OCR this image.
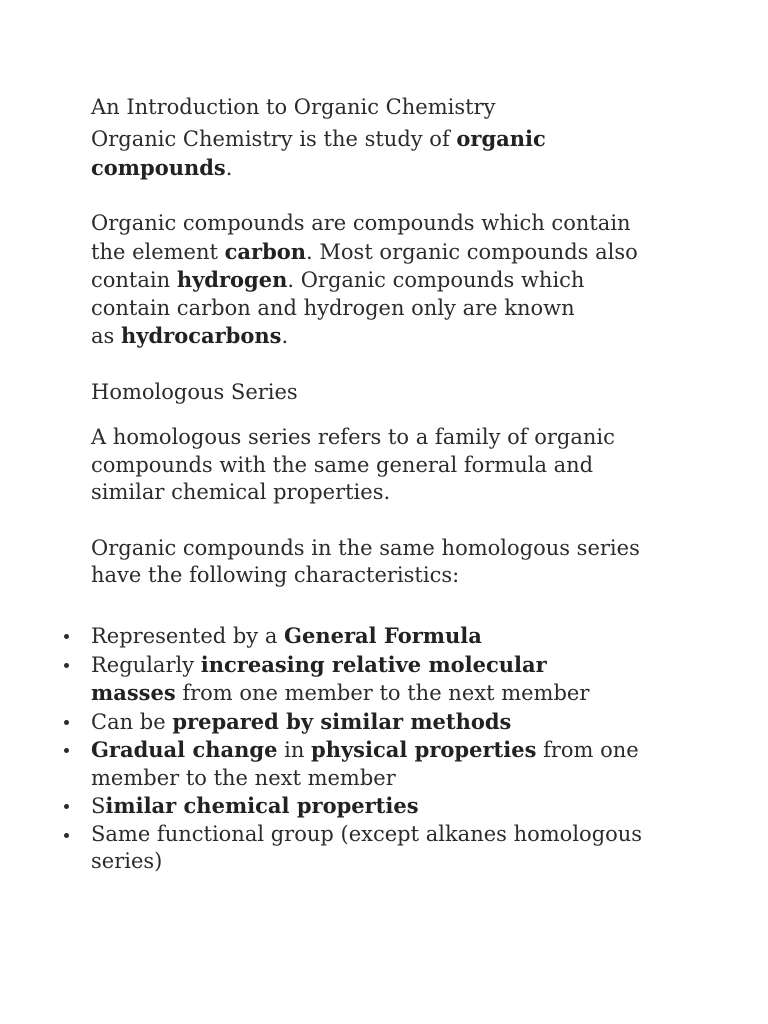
An Introduction to Organic Chemistry

Organic Chemistry is the study of organic

compounds.

Organic compounds are compounds which contain

the element carbon. Most organic compounds also

contain hydrogen. Organic compounds which

contain carbon and hydrogen only are known

as hydrocarbons.

Homologous Series

A homologous series refers to a family of organic

compounds with the same general formula and

similar chemical properties.

Organic compounds in the same homologous series

have the following characteristics:

Represented by a General Formula

Regularly increasing relative molecular

masses from one member to the next member

Can be prepared by similar methods

Gradual change in physical properties from one

member to the next member

Similar chemical properties

Same functional group (except alkanes homologous

series)
